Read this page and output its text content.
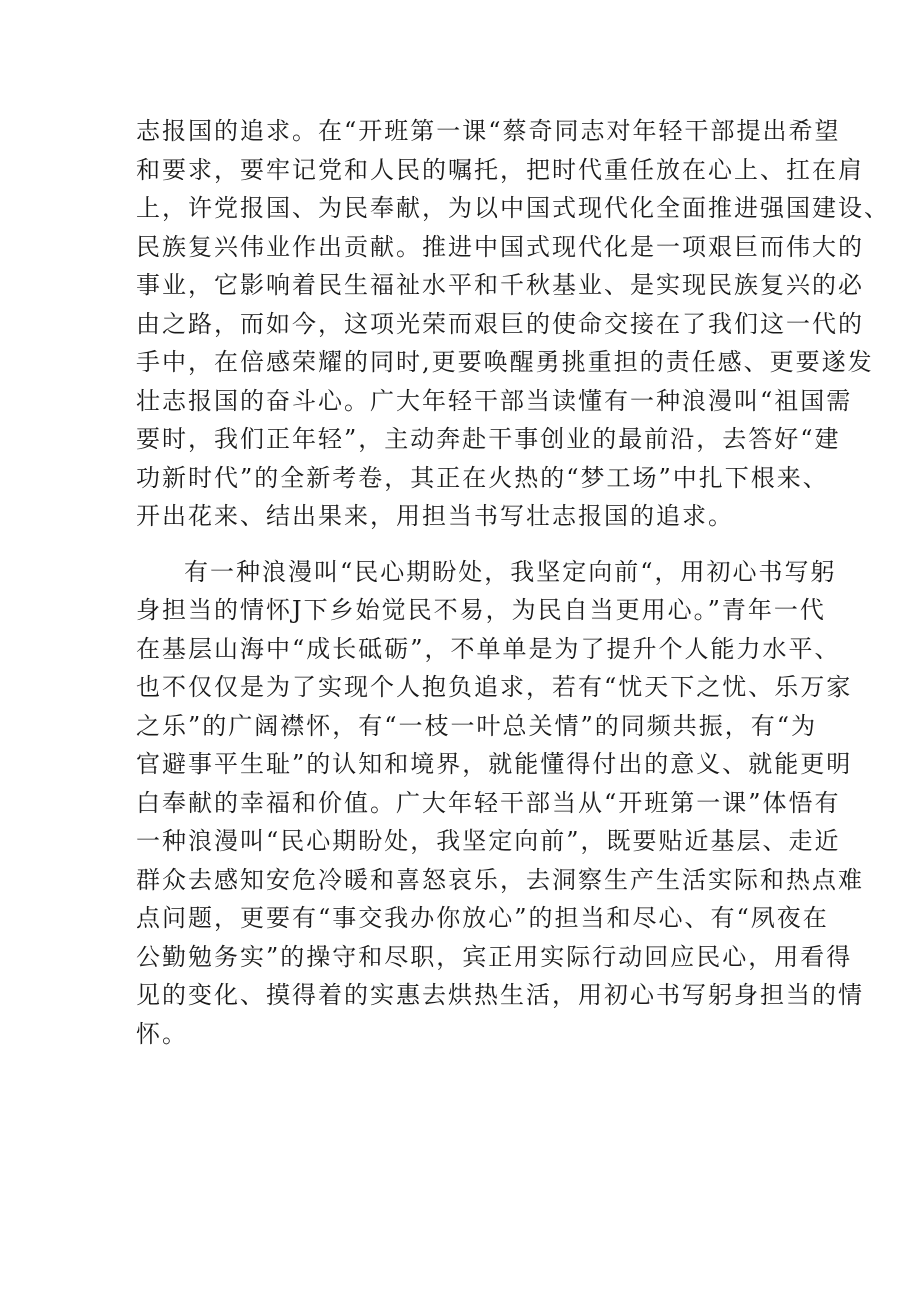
志报国的追求。在“开班第一课“蔡奇同志对年轻干部提出希望
和要求，要牢记党和人民的嘱托，把时代重任放在心上、扛在肩
上，许党报国、为民奉献，为以中国式现代化全面推进强国建设、
民族复兴伟业作出贡献。推进中国式现代化是一项艰巨而伟大的
事业，它影响着民生福祉水平和千秋基业、是实现民族复兴的必
由之路，而如今，这项光荣而艰巨的使命交接在了我们这一代的
手中，在倍感荣耀的同时,更要唤醒勇挑重担的责任感、更要遂发
壮志报国的奋斗心。广大年轻干部当读懂有一种浪漫叫“祖国需
要时，我们正年轻”，主动奔赴干事创业的最前沿，去答好“建
功新时代”的全新考卷，其正在火热的“梦工场”中扎下根来、
开出花来、结出果来，用担当书写壮志报国的追求。
有一种浪漫叫“民心期盼处，我坚定向前“，用初心书写躬
身担当的情怀J下乡始觉民不易，为民自当更用心。”青年一代
在基层山海中“成长砥砺”，不单单是为了提升个人能力水平、
也不仅仅是为了实现个人抱负追求，若有“忧天下之忧、乐万家
之乐”的广阔襟怀，有“一枝一叶总关情”的同频共振，有“为
官避事平生耻”的认知和境界，就能懂得付出的意义、就能更明
白奉献的幸福和价值。广大年轻干部当从“开班第一课”体悟有
一种浪漫叫“民心期盼处，我坚定向前”，既要贴近基层、走近
群众去感知安危冷暖和喜怒哀乐，去洞察生产生活实际和热点难
点问题，更要有“事交我办你放心”的担当和尽心、有“夙夜在
公勤勉务实”的操守和尽职，宾正用实际行动回应民心，用看得
见的变化、摸得着的实惠去烘热生活，用初心书写躬身担当的情
怀。
